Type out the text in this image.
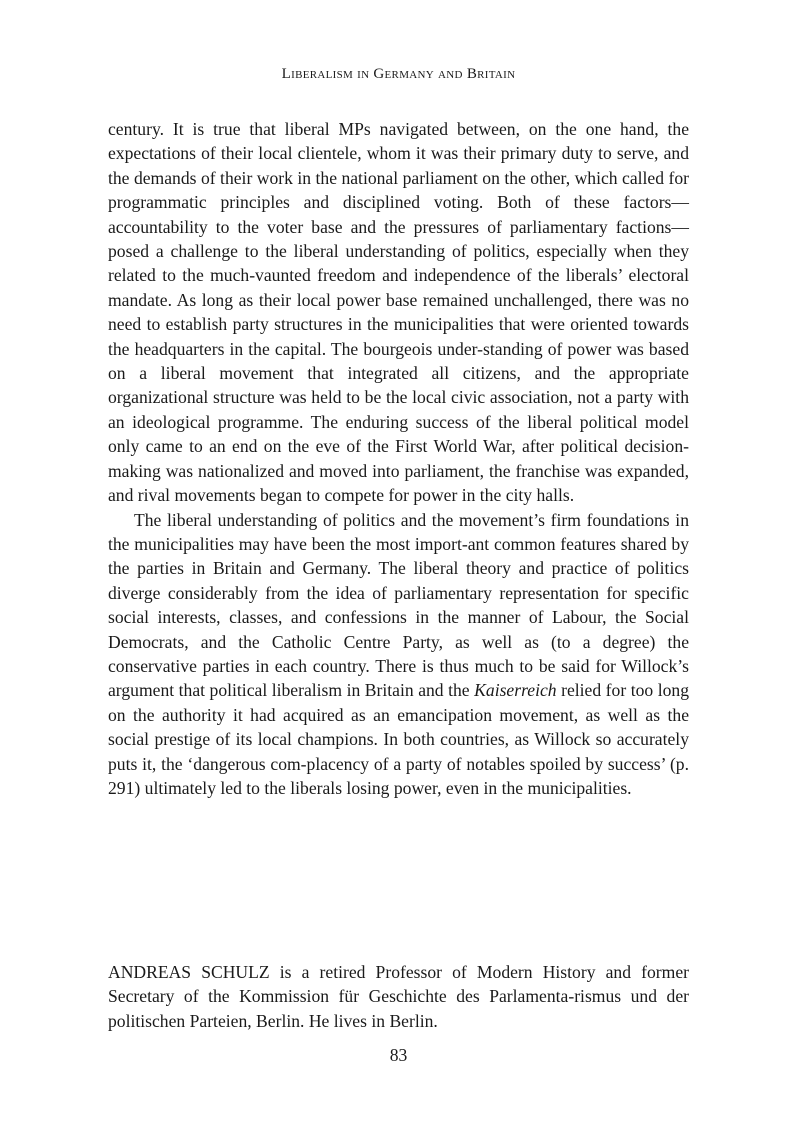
Liberalism in Germany and Britain

century. It is true that liberal MPs navigated between, on the one hand, the expectations of their local clientele, whom it was their primary duty to serve, and the demands of their work in the national parliament on the other, which called for programmatic principles and disciplined voting. Both of these factors—accountability to the voter base and the pressures of parliamentary factions—posed a challenge to the liberal understanding of politics, especially when they related to the much-vaunted freedom and independence of the liberals’ electoral mandate. As long as their local power base remained unchallenged, there was no need to establish party structures in the municipalities that were oriented towards the headquarters in the capital. The bourgeois under-standing of power was based on a liberal movement that integrated all citizens, and the appropriate organizational structure was held to be the local civic association, not a party with an ideological programme. The enduring success of the liberal political model only came to an end on the eve of the First World War, after political decision-making was nationalized and moved into parliament, the franchise was expanded, and rival movements began to compete for power in the city halls.

The liberal understanding of politics and the movement’s firm foundations in the municipalities may have been the most import-ant common features shared by the parties in Britain and Germany. The liberal theory and practice of politics diverge considerably from the idea of parliamentary representation for specific social interests, classes, and confessions in the manner of Labour, the Social Democrats, and the Catholic Centre Party, as well as (to a degree) the conservative parties in each country. There is thus much to be said for Willock’s argument that political liberalism in Britain and the Kaiserreich relied for too long on the authority it had acquired as an emancipation movement, as well as the social prestige of its local champions. In both countries, as Willock so accurately puts it, the ‘dangerous com-placency of a party of notables spoiled by success’ (p. 291) ultimately led to the liberals losing power, even in the municipalities.

ANDREAS SCHULZ is a retired Professor of Modern History and former Secretary of the Kommission für Geschichte des Parlamenta-rismus und der politischen Parteien, Berlin. He lives in Berlin.

83
